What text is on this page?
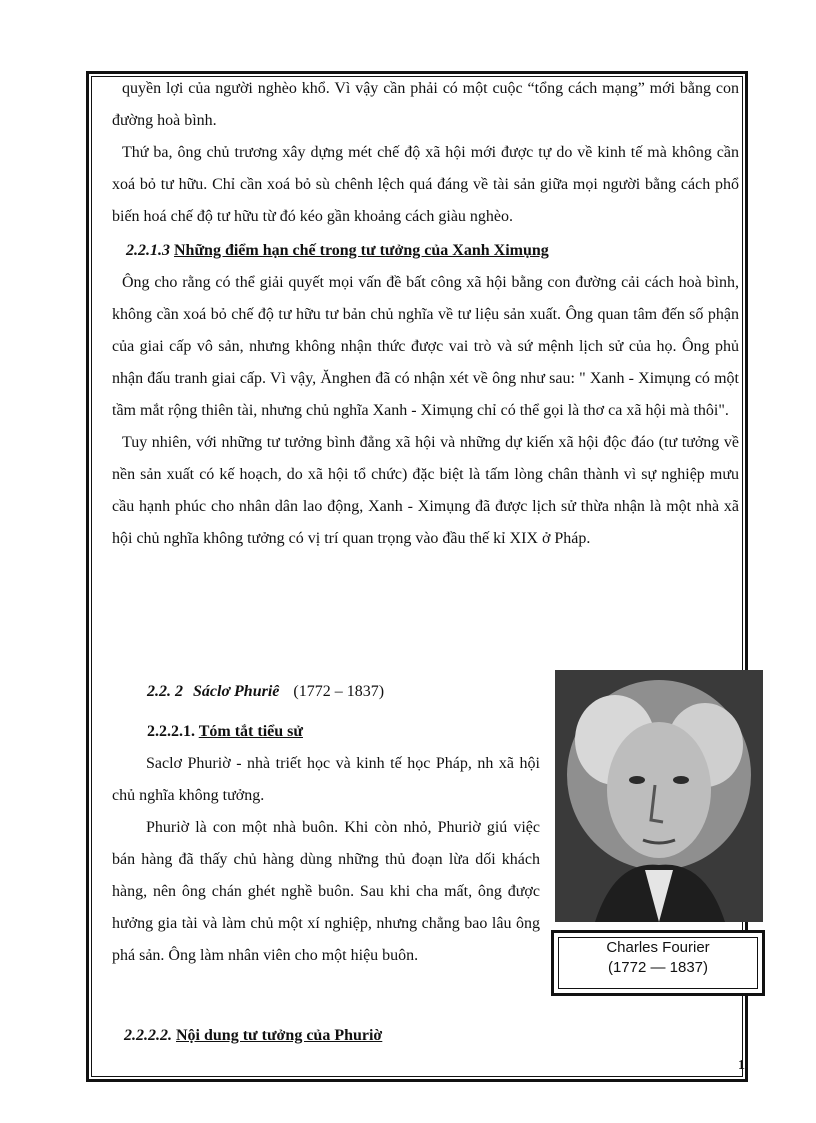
quyền lợi của người nghèo khổ. Vì vậy cần phải có một cuộc “tổng cách mạng” mới bằng con đường hoà bình.

Thứ ba, ông chủ trương xây dựng mét chế độ xã hội mới được tự do về kinh tế mà không cần xoá bỏ tư hữu. Chỉ cần xoá bỏ sù chênh lệch quá đáng về tài sản giữa mọi người bằng cách phổ biến hoá chế độ tư hữu từ đó kéo gần khoảng cách giàu nghèo.

2.2.1.3 Những điểm hạn chế trong tư tưởng của Xanh Ximụng

Ông cho rằng có thể giải quyết mọi vấn đề bất công xã hội bằng con đường cải cách hoà bình, không cần xoá bỏ chế độ tư hữu tư bản chủ nghĩa về tư liệu sản xuất. Ông quan tâm đến số phận của giai cấp vô sản, nhưng không nhận thức được vai trò và sứ mệnh lịch sử của họ. Ông phủ nhận đấu tranh giai cấp. Vì vậy, Ănghen đã có nhận xét về ông như sau: " Xanh - Ximụng có một tầm mắt rộng thiên tài, nhưng chủ nghĩa Xanh - Ximụng chỉ có thể gọi là thơ ca xã hội mà thôi".

Tuy nhiên, với những tư tưởng bình đẳng xã hội và những dự kiến xã hội độc đáo (tư tưởng về nền sản xuất có kế hoạch, do xã hội tổ chức) đặc biệt là tấm lòng chân thành vì sự nghiệp mưu cầu hạnh phúc cho nhân dân lao động, Xanh - Ximụng đã được lịch sử thừa nhận là một nhà xã hội chủ nghĩa không tưởng có vị trí quan trọng vào đầu thế kỉ XIX ở Pháp.

2.2. 2 Sáclơ Phuriê (1772 – 1837)
2.2.2.1. Tóm tắt tiểu sử

Saclơ Phuriờ - nhà triết học và kinh tế học Pháp, nh xã hội chủ nghĩa không tưởng.

Phuriờ là con một nhà buôn. Khi còn nhỏ, Phuriờ giú việc bán hàng đã thấy chủ hàng dùng những thủ đoạn lừa dối khách hàng, nên ông chán ghét nghề buôn. Sau khi cha mất, ông được hưởng gia tài và làm chủ một xí nghiệp, nhưng chẳng bao lâu ông phá sản. Ông làm nhân viên cho một hiệu buôn.

2.2.2.2. Nội dung tư tưởng của Phuriờ
Charles Fourier
(1772 — 1837)
1
